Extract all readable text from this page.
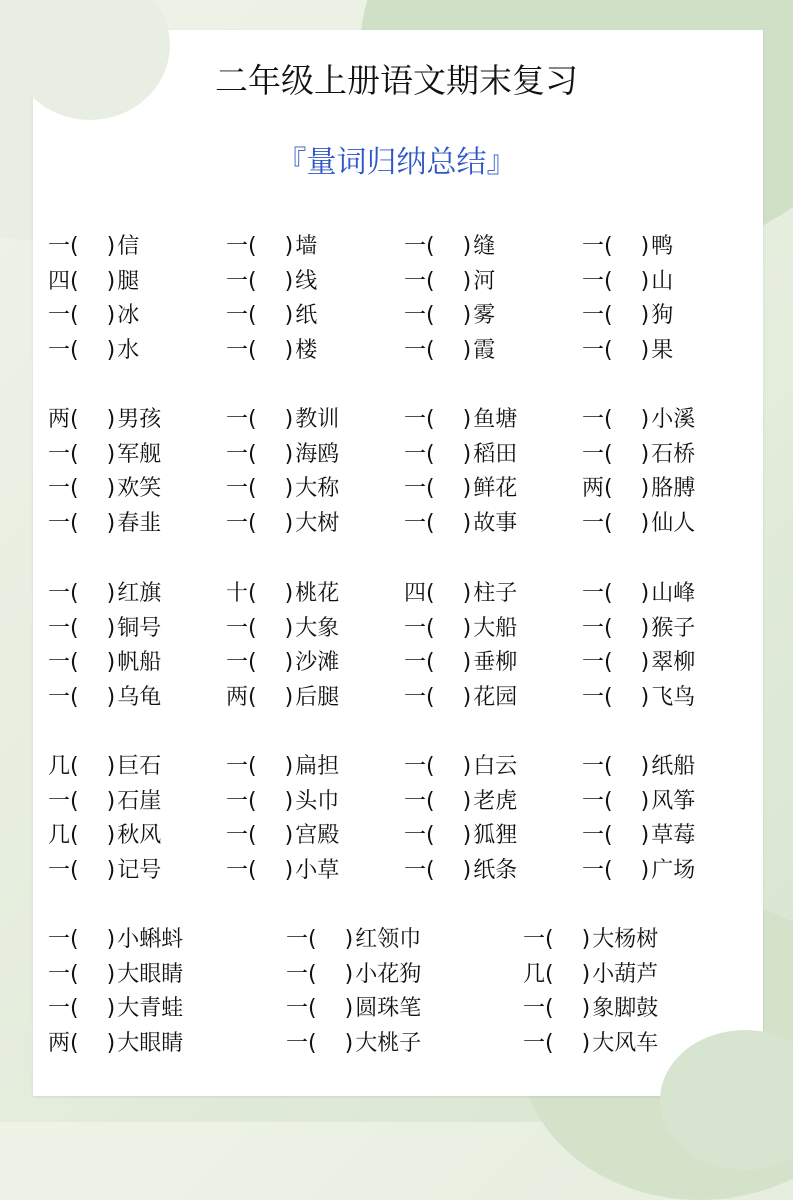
二年级上册语文期末复习
『量词归纳总结』
一( )信	一( )墙	一( )缝	一( )鸭
四( )腿	一( )线	一( )河	一( )山
一( )冰	一( )纸	一( )雾	一( )狗
一( )水	一( )楼	一( )霞	一( )果
两( )男孩	一( )教训	一( )鱼塘	一( )小溪
一( )军舰	一( )海鸥	一( )稻田	一( )石桥
一( )欢笑	一( )大称	一( )鲜花	两( )胳膊
一( )春韭	一( )大树	一( )故事	一( )仙人
一( )红旗	十( )桃花	四( )柱子	一( )山峰
一( )铜号	一( )大象	一( )大船	一( )猴子
一( )帆船	一( )沙滩	一( )垂柳	一( )翠柳
一( )乌龟	两( )后腿	一( )花园	一( )飞鸟
几( )巨石	一( )扁担	一( )白云	一( )纸船
一( )石崖	一( )头巾	一( )老虎	一( )风筝
几( )秋风	一( )宫殿	一( )狐狸	一( )草莓
一( )记号	一( )小草	一( )纸条	一( )广场
一( )小蝌蚪	一( )红领巾	一( )大杨树
一( )大眼睛	一( )小花狗	几( )小葫芦
一( )大青蛙	一( )圆珠笔	一( )象脚鼓
两( )大眼睛	一( )大桃子	一( )大风车
